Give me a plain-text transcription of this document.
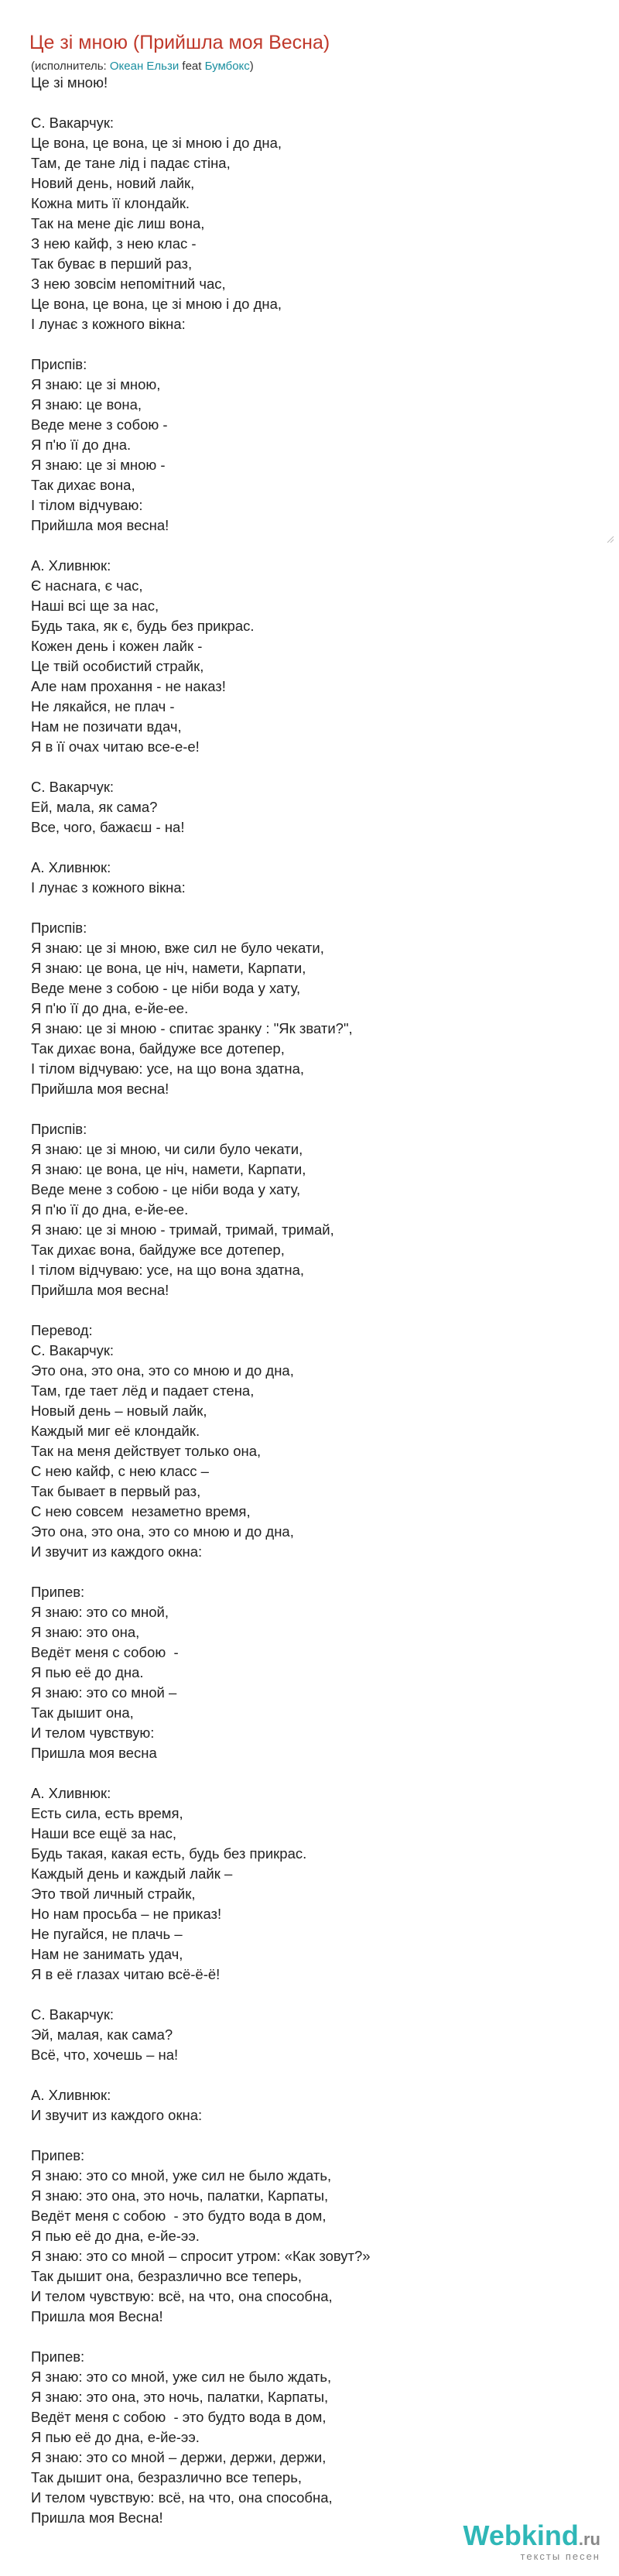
Це зі мною (Прийшла моя Весна)
(исполнитель: Океан Ельзи feat Бумбокс)
Це зі мною!
С. Вакарчук:
Це вона, це вона, це зі мною і до дна,
Там, де тане лід і падає стіна,
Новий день, новий лайк,
Кожна мить її клондайк.
Так на мене діє лиш вона,
З нею кайф, з нею клас -
Так буває в перший раз,
З нею зовсім непомітний час,
Це вона, це вона, це зі мною і до дна,
І лунає з кожного вікна:
Приспів:
Я знаю: це зі мною,
Я знаю: це вона,
Веде мене з собою -
Я п'ю її до дна.
Я знаю: це зі мною -
Так дихає вона,
І тілом відчуваю:
Прийшла моя весна!
А. Хливнюк:
Є наснага, є час,
Наші всі ще за нас,
Будь така, як є, будь без прикрас.
Кожен день і кожен лайк -
Це твій особистий страйк,
Але нам прохання - не наказ!
Не лякайся, не плач -
Нам не позичати вдач,
Я в її очах читаю все-е-е!
С. Вакарчук:
Ей, мала, як сама?
Все, чого, бажаєш - на!
А. Хливнюк:
І лунає з кожного вікна:
Приспів:
Я знаю: це зі мною, вже сил не було чекати,
Я знаю: це вона, це ніч, намети, Карпати,
Веде мене з собою - це ніби вода у хату,
Я п'ю її до дна, е-йе-ее.
Я знаю: це зі мною - спитає зранку : "Як звати?",
Так дихає вона, байдуже все дотепер,
І тілом відчуваю: усе, на що вона здатна,
Прийшла моя весна!
Приспів:
Я знаю: це зі мною, чи сили було чекати,
Я знаю: це вона, це ніч, намети, Карпати,
Веде мене з собою - це ніби вода у хату,
Я п'ю її до дна, е-йе-ее.
Я знаю: це зі мною - тримай, тримай, тримай,
Так дихає вона, байдуже все дотепер,
І тілом відчуваю: усе, на що вона здатна,
Прийшла моя весна!
Перевод:
С. Вакарчук:
Это она, это она, это со мною и до дна,
Там, где тает лёд и падает стена,
Новый день – новый лайк,
Каждый миг её клондайк.
Так на меня действует только она,
С нею кайф, с нею класс –
Так бывает в первый раз,
С нею совсем  незаметно время,
Это она, это она, это со мною и до дна,
И звучит из каждого окна:
Припев:
Я знаю: это со мной,
Я знаю: это она,
Ведёт меня с собою  -
Я пью её до дна.
Я знаю: это со мной –
Так дышит она,
И телом чувствую:
Пришла моя весна
А. Хливнюк:
Есть сила, есть время,
Наши все ещё за нас,
Будь такая, какая есть, будь без прикрас.
Каждый день и каждый лайк –
Это твой личный страйк,
Но нам просьба – не приказ!
Не пугайся, не плачь –
Нам не занимать удач,
Я в её глазах читаю всё-ё-ё!
С. Вакарчук:
Эй, малая, как сама?
Всё, что, хочешь – на!
А. Хливнюк:
И звучит из каждого окна:
Припев:
Я знаю: это со мной, уже сил не было ждать,
Я знаю: это она, это ночь, палатки, Карпаты,
Ведёт меня с собою  - это будто вода в дом,
Я пью её до дна, е-йе-ээ.
Я знаю: это со мной – спросит утром: «Как зовут?»
Так дышит она, безразлично все теперь,
И телом чувствую: всё, на что, она способна,
Пришла моя Весна!
Припев:
Я знаю: это со мной, уже сил не было ждать,
Я знаю: это она, это ночь, палатки, Карпаты,
Ведёт меня с собою  - это будто вода в дом,
Я пью её до дна, е-йе-ээ.
Я знаю: это со мной – держи, держи, держи,
Так дышит она, безразлично все теперь,
И телом чувствую: всё, на что, она способна,
Пришла моя Весна!
Webkind.ru
тексты песен
